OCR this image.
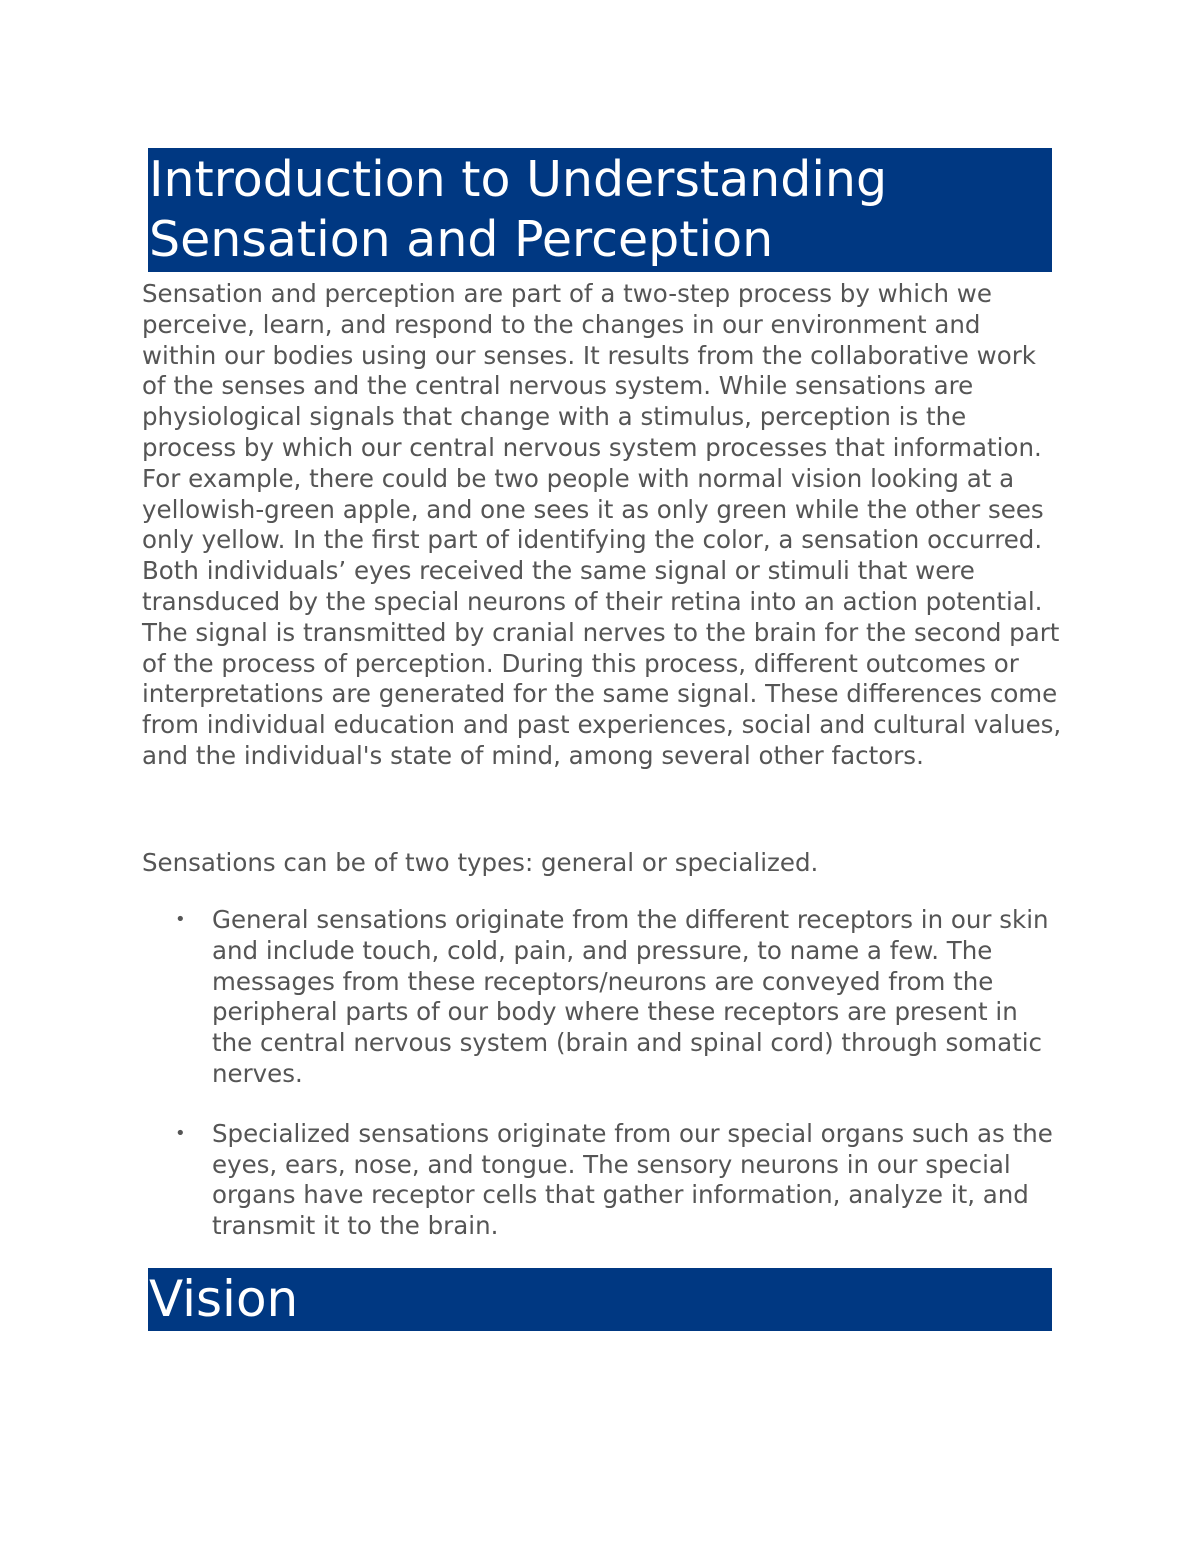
Introduction to Understanding Sensation and Perception

Sensation and perception are part of a two-step process by which we perceive, learn, and respond to the changes in our environment and within our bodies using our senses. It results from the collaborative work of the senses and the central nervous system. While sensations are physiological signals that change with a stimulus, perception is the process by which our central nervous system processes that information. For example, there could be two people with normal vision looking at a yellowish-green apple, and one sees it as only green while the other sees only yellow. In the first part of identifying the color, a sensation occurred. Both individuals’ eyes received the same signal or stimuli that were transduced by the special neurons of their retina into an action potential. The signal is transmitted by cranial nerves to the brain for the second part of the process of perception. During this process, different outcomes or interpretations are generated for the same signal. These differences come from individual education and past experiences, social and cultural values, and the individual's state of mind, among several other factors.

Sensations can be of two types: general or specialized.

• General sensations originate from the different receptors in our skin and include touch, cold, pain, and pressure, to name a few. The messages from these receptors/neurons are conveyed from the peripheral parts of our body where these receptors are present in the central nervous system (brain and spinal cord) through somatic nerves.
• Specialized sensations originate from our special organs such as the eyes, ears, nose, and tongue. The sensory neurons in our special organs have receptor cells that gather information, analyze it, and transmit it to the brain.
Vision
